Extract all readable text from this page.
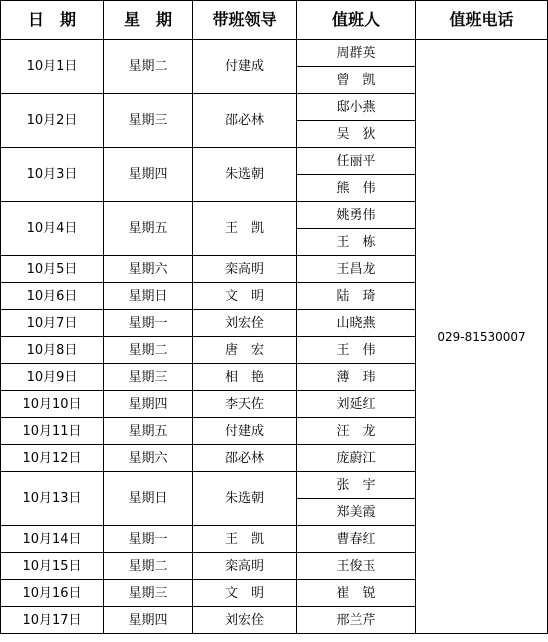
日　期	星　期	带班领导	值班人	值班电话
10月1日	星期二	付建成	周群英	029-81530007
			曾　凯	
10月2日	星期三	邵必林	邸小燕	
			吴　狄	
10月3日	星期四	朱选朝	任丽平	
			熊　伟	
10月4日	星期五	王　凯	姚勇伟	
			王　栋	
10月5日	星期六	栾高明	王昌龙	
10月6日	星期日	文　明	陆　琦	
10月7日	星期一	刘宏佺	山晓燕	
10月8日	星期二	唐　宏	王　伟	
10月9日	星期三	相　艳	薄　玮	
10月10日	星期四	李天佐	刘延红	
10月11日	星期五	付建成	汪　龙	
10月12日	星期六	邵必林	庞蔚江	
10月13日	星期日	朱选朝	张　宇	
			郑美霞	
10月14日	星期一	王　凯	曹春红	
10月15日	星期二	栾高明	王俊玉	
10月16日	星期三	文　明	崔　锐	
10月17日	星期四	刘宏佺	邢兰芹	
